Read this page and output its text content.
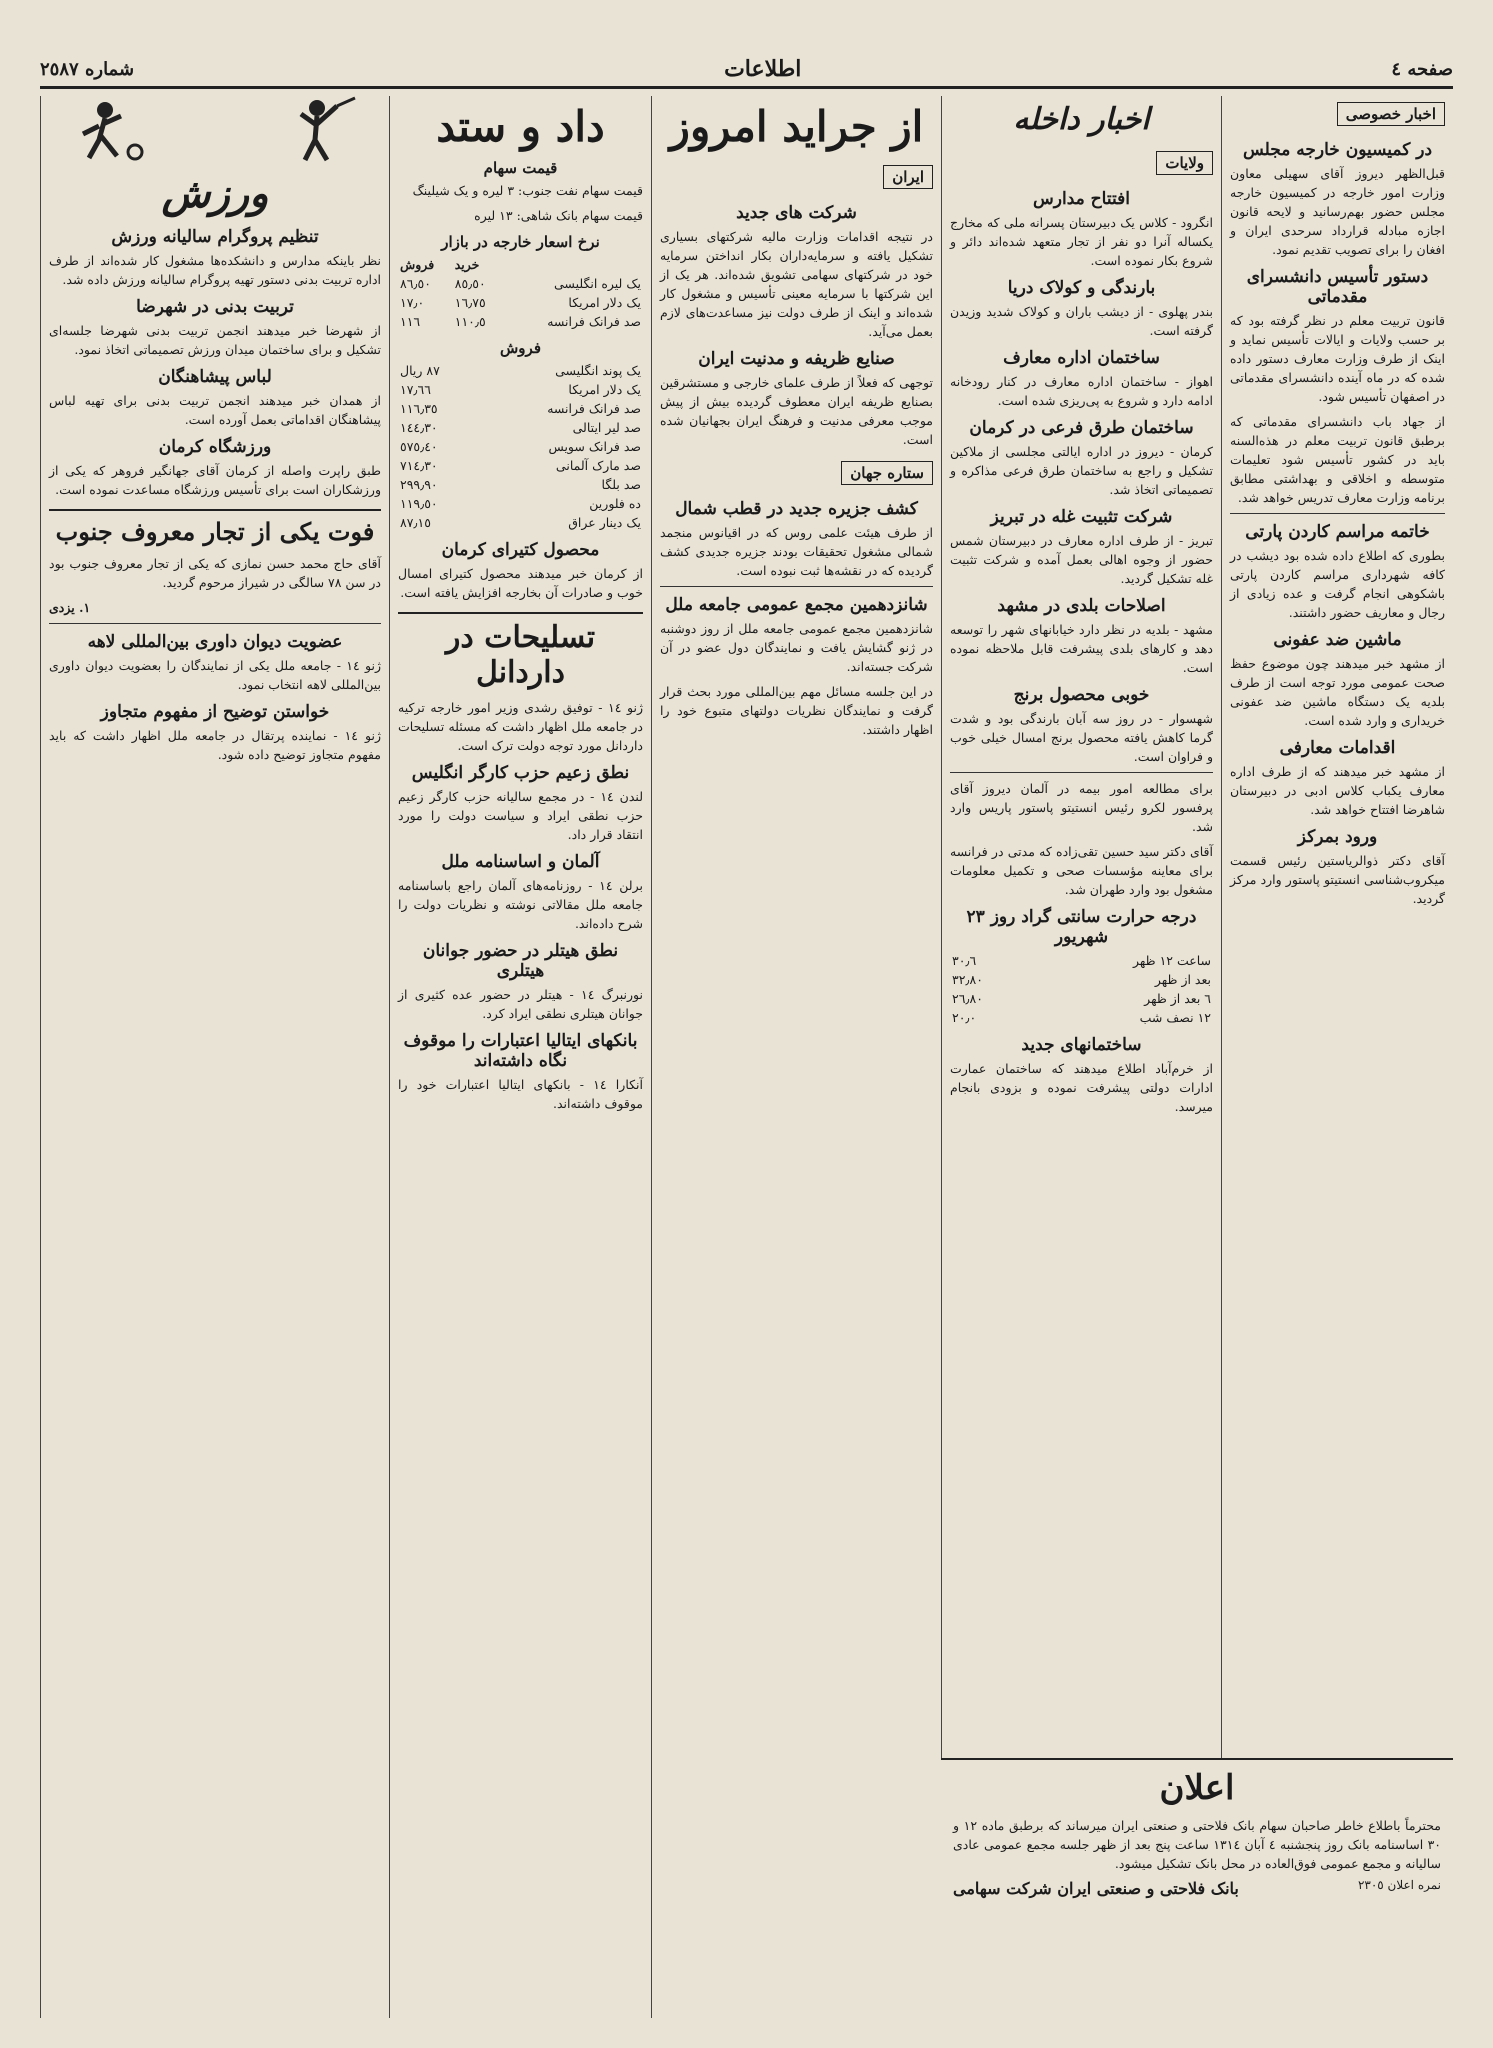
صفحه ٤
اطلاعات
شماره ٢٥٨٧
اخبار خصوصی
در کمیسیون خارجه مجلس

قبل‌الظهر دیروز آقای سهیلی معاون وزارت امور خارجه در کمیسیون خارجه مجلس حضور بهم‌رسانید و لایحه قانون اجازه مبادله قرارداد سرحدی ایران و افغان را برای تصویب تقدیم نمود.

دستور تأسیس دانشسرای مقدماتی

قانون تربیت معلم در نظر گرفته بود که بر حسب ولایات و ایالات تأسیس نماید و اینک از طرف وزارت معارف دستور داده شده که در ماه آینده دانشسرای مقدماتی در اصفهان تأسیس شود.

از جهاد باب دانشسرای مقدماتی که برطبق قانون تربیت معلم در هذه‌السنه باید در کشور تأسیس شود تعلیمات متوسطه و اخلاقی و بهداشتی مطابق برنامه وزارت معارف تدریس خواهد شد.

خاتمه مراسم کاردن پارتی

بطوری که اطلاع داده شده بود دیشب در کافه شهرداری مراسم کاردن پارتی باشکوهی انجام گرفت و عده زیادی از رجال و معاریف حضور داشتند.

ماشین ضد عفونی

از مشهد خبر میدهند چون موضوع حفظ صحت عمومی مورد توجه است از طرف بلدیه یک دستگاه ماشین ضد عفونی خریداری و وارد شده است.

اقدامات معارفی

از مشهد خبر میدهند که از طرف اداره معارف یکباب کلاس ادبی در دبیرستان شاهرضا افتتاح خواهد شد.

ورود بمرکز

آقای دکتر ذوالریاستین رئیس قسمت میکروب‌شناسی انستیتو پاستور وارد مرکز گردید.

اخبار داخله
ولایات
افتتاح مدارس

انگرود - کلاس یک دبیرستان پسرانه ملی که مخارج یکساله آنرا دو نفر از تجار متعهد شده‌اند دائر و شروع بکار نموده است.

بارندگی و کولاک دریا

بندر پهلوی - از دیشب باران و کولاک شدید وزیدن گرفته است.

ساختمان اداره معارف

اهواز - ساختمان اداره معارف در کنار رودخانه ادامه دارد و شروع به پی‌ریزی شده است.

ساختمان طرق فرعی در کرمان

کرمان - دیروز در اداره ایالتی مجلسی از ملاکین تشکیل و راجع به ساختمان طرق فرعی مذاکره و تصمیماتی اتخاذ شد.

شرکت تثبیت غله در تبریز

تبریز - از طرف اداره معارف در دبیرستان شمس حضور از وجوه اهالی بعمل آمده و شرکت تثبیت غله تشکیل گردید.

اصلاحات بلدی در مشهد

مشهد - بلدیه در نظر دارد خیابانهای شهر را توسعه دهد و کارهای بلدی پیشرفت قابل ملاحظه نموده است.

خوبی محصول برنج

شهسوار - در روز سه آبان بارندگی بود و شدت گرما کاهش یافته محصول برنج امسال خیلی خوب و فراوان است.

برای مطالعه امور بیمه در آلمان دیروز آقای پرفسور لکرو رئیس انستیتو پاستور پاریس وارد شد.

آقای دکتر سید حسین تقی‌زاده که مدتی در فرانسه برای معاینه مؤسسات صحی و تکمیل معلومات مشغول بود وارد طهران شد.

درجه حرارت سانتی گراد روز ٢٣ شهریور
ساعت ١٢ ظهر	٣٠٫٦
بعد از ظهر	٣٢٫٨٠
٦ بعد از ظهر	٢٦٫٨٠
١٢ نصف شب	٢٠٫٠
ساختمانهای جدید

از خرم‌آباد اطلاع میدهند که ساختمان عمارت ادارات دولتی پیشرفت نموده و بزودی بانجام میرسد.

از جراید امروز
ایران
شرکت های جدید

در نتیجه اقدامات وزارت مالیه شرکتهای بسیاری تشکیل یافته و سرمایه‌داران بکار انداختن سرمایه خود در شرکتهای سهامی تشویق شده‌اند. هر یک از این شرکتها با سرمایه معینی تأسیس و مشغول کار شده‌اند و اینک از طرف دولت نیز مساعدت‌های لازم بعمل می‌آید.

صنایع ظریفه و مدنیت ایران

توجهی که فعلاً از طرف علمای خارجی و مستشرقین بصنایع ظریفه ایران معطوف گردیده بیش از پیش موجب معرفی مدنیت و فرهنگ ایران بجهانیان شده است.

ستاره جهان
کشف جزیره جدید در قطب شمال

از طرف هیئت علمی روس که در اقیانوس منجمد شمالی مشغول تحقیقات بودند جزیره جدیدی کشف گردیده که در نقشه‌ها ثبت نبوده است.

شانزدهمین مجمع عمومی جامعه ملل

شانزدهمین مجمع عمومی جامعه ملل از روز دوشنبه در ژنو گشایش یافت و نمایندگان دول عضو در آن شرکت جسته‌اند.

در این جلسه مسائل مهم بین‌المللی مورد بحث قرار گرفت و نمایندگان نظریات دولتهای متبوع خود را اظهار داشتند.

داد و ستد
قیمت سهام

قیمت سهام نفت جنوب: ٣ لیره و یک شیلینگ

قیمت سهام بانک شاهی: ١٣ لیره

نرخ اسعار خارجه در بازار
	خرید	فروش
یک لیره انگلیسی	٨٥٫٥٠	٨٦٫٥٠
یک دلار امریکا	١٦٫٧٥	١٧٫٠
صد فرانک فرانسه	١١٠٫٥	١١٦
فروش
یک پوند انگلیسی	٨٧ ریال
یک دلار امریکا	١٧٫٦٦
صد فرانک فرانسه	١١٦٫٣٥
صد لیر ایتالی	١٤٤٫٣٠
صد فرانک سویس	٥٧٥٫٤٠
صد مارک آلمانی	٧١٤٫٣٠
صد بلگا	٢٩٩٫٩٠
ده فلورین	١١٩٫٥٠
یک دینار عراق	٨٧٫١٥
محصول کتیرای کرمان

از کرمان خبر میدهند محصول کتیرای امسال خوب و صادرات آن بخارجه افزایش یافته است.

تسلیحات در داردانل

ژنو ١٤ - توفیق رشدی وزیر امور خارجه ترکیه در جامعه ملل اظهار داشت که مسئله تسلیحات داردانل مورد توجه دولت ترک است.

نطق زعیم حزب کارگر انگلیس

لندن ١٤ - در مجمع سالیانه حزب کارگر زعیم حزب نطقی ایراد و سیاست دولت را مورد انتقاد قرار داد.

آلمان و اساسنامه ملل

برلن ١٤ - روزنامه‌های آلمان راجع باساسنامه جامعه ملل مقالاتی نوشته و نظریات دولت را شرح داده‌اند.

نطق هیتلر در حضور جوانان هیتلری

نورنبرگ ١٤ - هیتلر در حضور عده کثیری از جوانان هیتلری نطقی ایراد کرد.

بانکهای ایتالیا اعتبارات را موقوف نگاه داشته‌اند

آنکارا ١٤ - بانکهای ایتالیا اعتبارات خود را موقوف داشته‌اند.

ورزش
تنظیم پروگرام سالیانه ورزش

نظر باینکه مدارس و دانشکده‌ها مشغول کار شده‌اند از طرف اداره تربیت بدنی دستور تهیه پروگرام سالیانه ورزش داده شد.

تربیت بدنی در شهرضا

از شهرضا خبر میدهند انجمن تربیت بدنی شهرضا جلسه‌ای تشکیل و برای ساختمان میدان ورزش تصمیماتی اتخاذ نمود.

لباس پیشاهنگان

از همدان خبر میدهند انجمن تربیت بدنی برای تهیه لباس پیشاهنگان اقداماتی بعمل آورده است.

ورزشگاه کرمان

طبق راپرت واصله از کرمان آقای جهانگیر فروهر که یکی از ورزشکاران است برای تأسیس ورزشگاه مساعدت نموده است.

فوت یکی از تجار معروف جنوب

آقای حاج محمد حسن نمازی که یکی از تجار معروف جنوب بود در سن ٧٨ سالگی در شیراز مرحوم گردید.

١. یزدی

عضویت دیوان داوری بین‌المللی لاهه

ژنو ١٤ - جامعه ملل یکی از نمایندگان را بعضویت دیوان داوری بین‌المللی لاهه انتخاب نمود.

خواستن توضیح از مفهوم متجاوز

ژنو ١٤ - نماینده پرتقال در جامعه ملل اظهار داشت که باید مفهوم متجاوز توضیح داده شود.

اعلان

محترماً باطلاع خاطر صاحبان سهام بانک فلاحتی و صنعتی ایران میرساند که برطبق ماده ١٢ و ٣٠ اساسنامه بانک روز پنجشنبه ٤ آبان ١٣١٤ ساعت پنج بعد از ظهر جلسه مجمع عمومی عادی سالیانه و مجمع عمومی فوق‌العاده در محل بانک تشکیل میشود.

بانک فلاحتی و صنعتی ایران شرکت سهامی	نمره اعلان ٢٣٠٥
